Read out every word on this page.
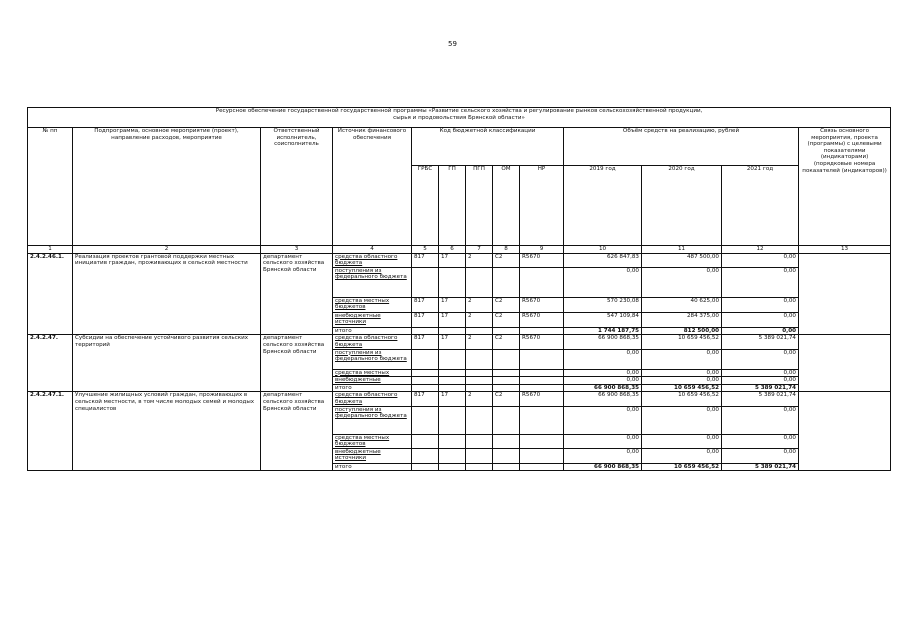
59
Ресурсное обеспечение государственной государственной программы «Развитие сельского хозяйства и регулирование рынков сельскохозяйственной продукции,
сырья и продовольствия Брянской области»												

№ пп	Подпрограмма, основное мероприятие (проект), направление расходов, мероприятие	Ответственный исполнитель, соисполнитель	Источник финансового обеспечения	Код бюджетной классификации					Объём средств на реализацию, рублей			Связь основного мероприятия, проекта (программы) с целевыми показателями (индикаторами) (порядковые номера показателей (индикаторов))
				ГРБС	ГП	ПГП	ОМ	НР	2019 год	2020 год	2021 год	
1	2	3	4	5	6	7	8	9	10	11	12	13
2.4.2.46.1.	Реализация проектов грантовой поддержки местных инициатив граждан, проживающих в сельской местности	департамент сельского хозяйства Брянской области	средства областного бюджета	817	17	2	С2	R5670	626 847,83	487 500,00	0,00	
			поступления из федерального бюджета						0,00	0,00	0,00	
			средства местных бюджетов	817	17	2	С2	R5670	570 230,08	40 625,00	0,00	
			внебюджетные источники	817	17	2	С2	R5670	547 109,84	284 375,00	0,00	
			итого						1 744 187,75	812 500,00	0,00	
2.4.2.47.	Субсидии на обеспечение устойчивого развития сельских территорий	департамент сельского хозяйства Брянской области	средства областного бюджета	817	17	2	С2	R5670	66 900 868,35	10 659 456,52	5 389 021,74	
			поступления из федерального бюджета						0,00	0,00	0,00	
			средства местных						0,00	0,00	0,00	
			внебюджетные						0,00	0,00	0,00	
			итого						66 900 868,35	10 659 456,52	5 389 021,74	
2.4.2.47.1.	Улучшение жилищных условий граждан, проживающих в сельской местности, в том числе молодых семей и молодых специалистов	департамент сельского хозяйства Брянской области	средства областного бюджета	817	17	2	С2	R5670	66 900 868,35	10 659 456,52	5 389 021,74	
			поступления из федерального бюджета						0,00	0,00	0,00	
			средства местных бюджетов						0,00	0,00	0,00	
			внебюджетные источники						0,00	0,00	0,00	
			итого						66 900 868,35	10 659 456,52	5 389 021,74	
